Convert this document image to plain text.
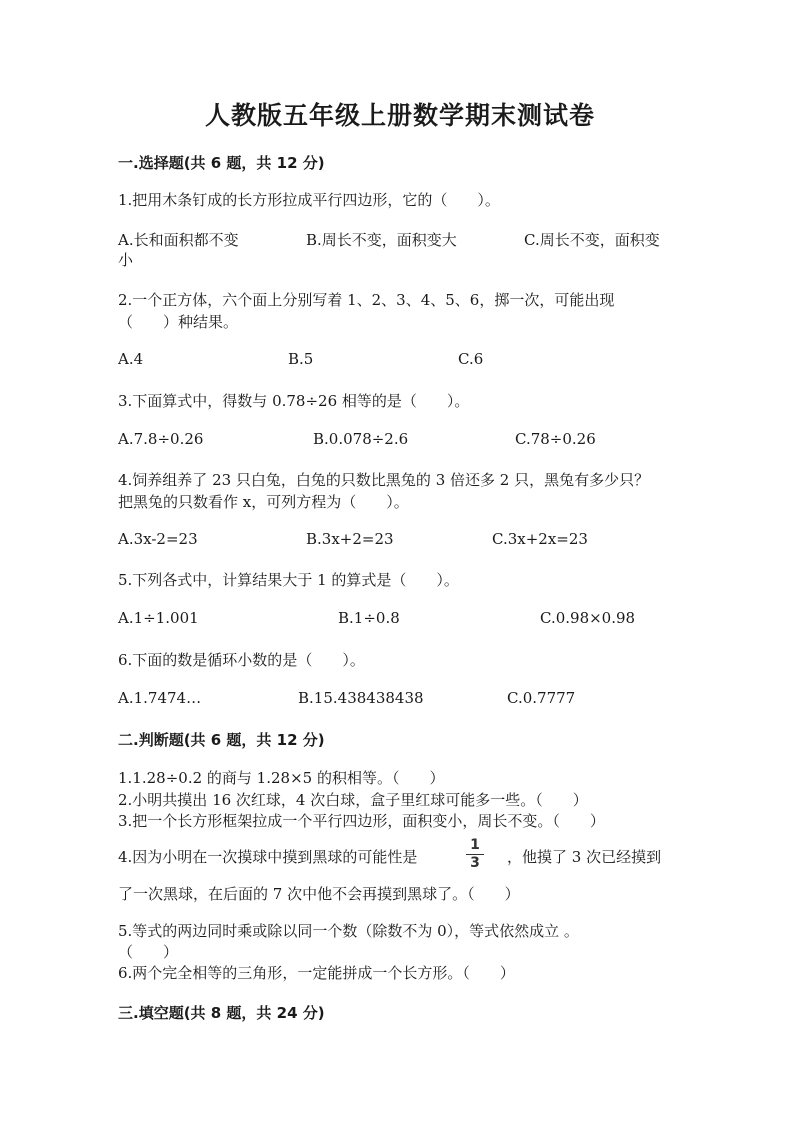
人教版五年级上册数学期末测试卷
一.选择题(共 6 题，共 12 分)
1.把用木条钉成的长方形拉成平行四边形，它的（　　）。
A.长和面积都不变	B.周长不变，面积变大	C.周长不变，面积变
小
2.一个正方体，六个面上分别写着 1、2、3、4、5、6，掷一次，可能出现
（　　）种结果。
A.4	B.5	C.6
3.下面算式中，得数与 0.78÷26 相等的是（　　）。
A.7.8÷0.26	B.0.078÷2.6	C.78÷0.26
4.饲养组养了 23 只白兔，白兔的只数比黑兔的 3 倍还多 2 只，黑兔有多少只？
把黑兔的只数看作 x，可列方程为（　　）。
A.3x-2=23	B.3x+2=23	C.3x+2x=23
5.下列各式中，计算结果大于 1 的算式是（　　）。
A.1÷1.001	B.1÷0.8	C.0.98×0.98
6.下面的数是循环小数的是（　　）。
A.1.7474…	B.15.438438438	C.0.7777
二.判断题(共 6 题，共 12 分)
1.1.28÷0.2 的商与 1.28×5 的积相等。（　　）
2.小明共摸出 16 次红球，4 次白球，盒子里红球可能多一些。（　　）
3.把一个长方形框架拉成一个平行四边形，面积变小，周长不变。（　　）
4.因为小明在一次摸球中摸到黑球的可能性是
1
3	，他摸了 3 次已经摸到
了一次黑球，在后面的 7 次中他不会再摸到黑球了。（　　）
5.等式的两边同时乘或除以同一个数（除数不为 0），等式依然成立 。
（　　）
6.两个完全相等的三角形，一定能拼成一个长方形。（　　）
三.填空题(共 8 题，共 24 分)
